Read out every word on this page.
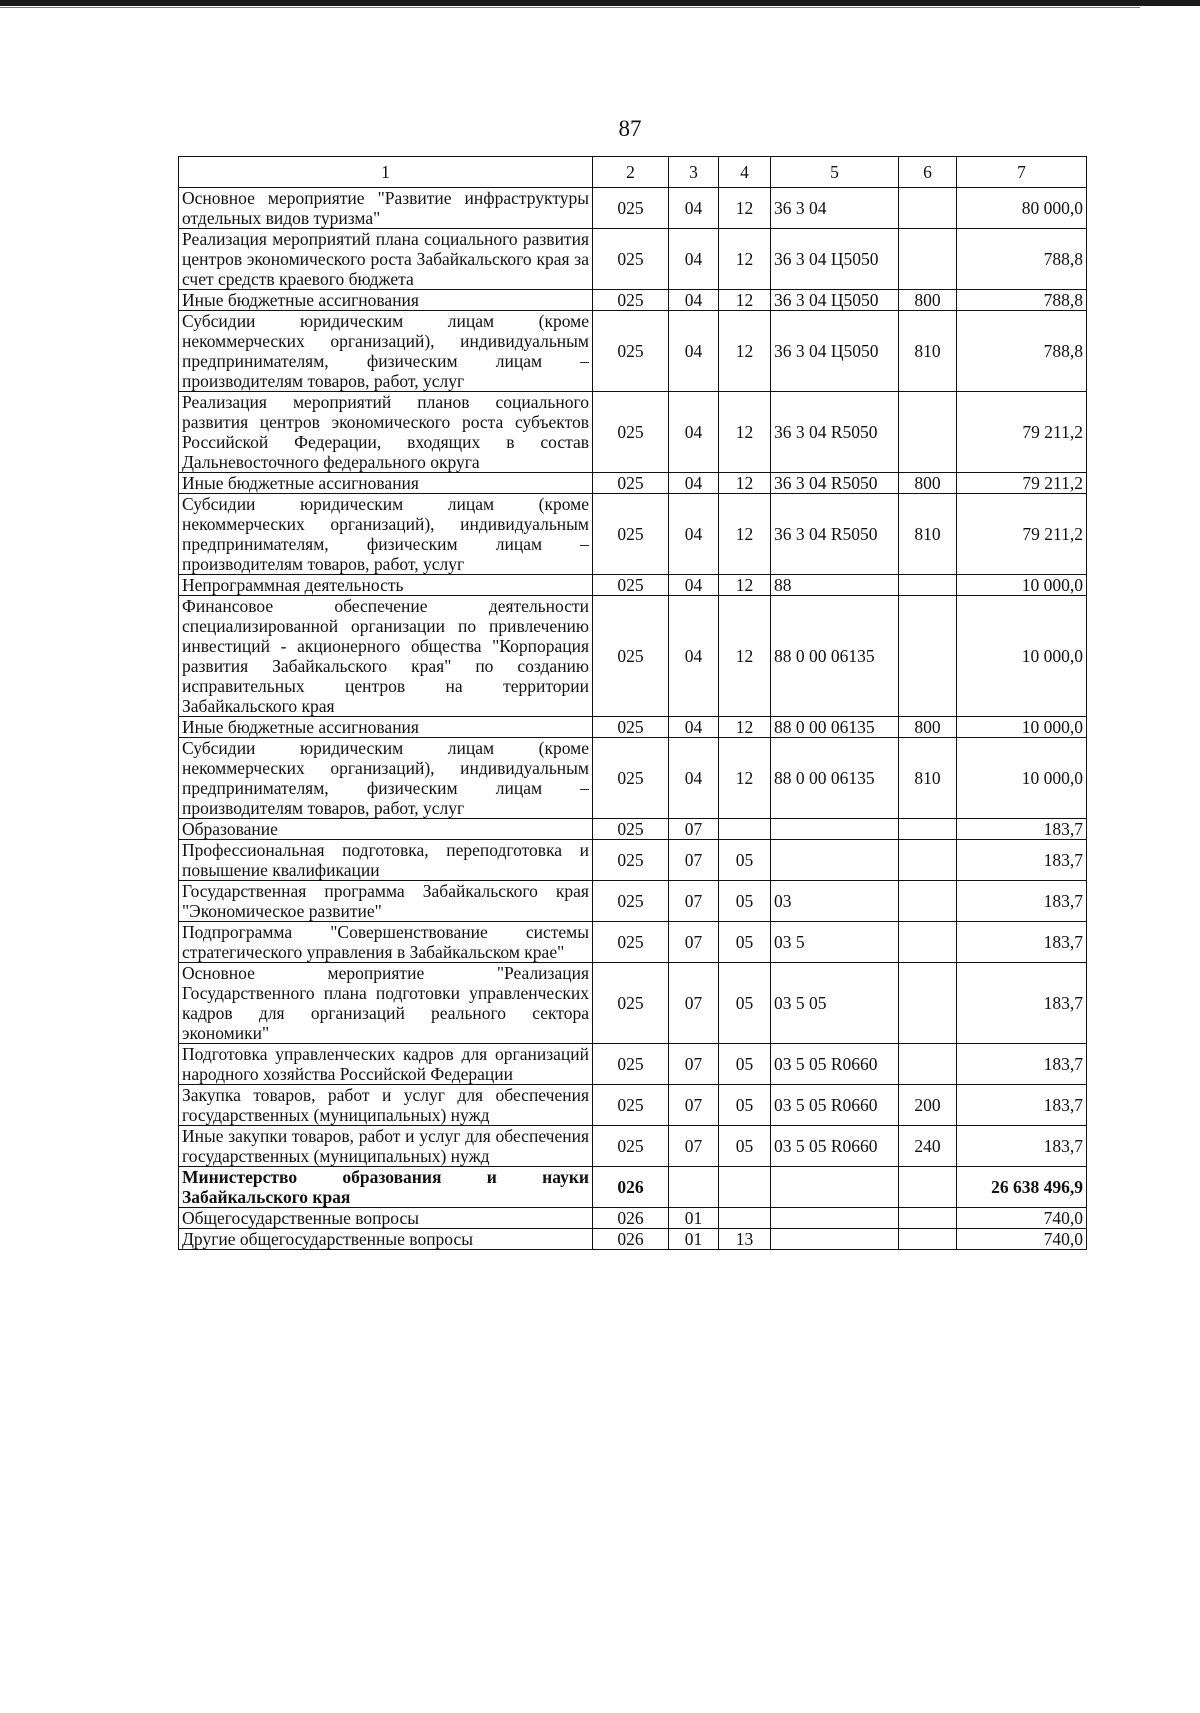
87
1	2	3	4	5	6	7
Основное мероприятие "Развитие инфраструктуры отдельных видов туризма"	025	04	12	36 3 04		80 000,0
Реализация мероприятий плана социального развития центров экономического роста Забайкальского края за счет средств краевого бюджета	025	04	12	36 3 04 Ц5050		788,8
Иные бюджетные ассигнования	025	04	12	36 3 04 Ц5050	800	788,8
Субсидии юридическим лицам (кроме некоммерческих организаций), индивидуальным предпринимателям, физическим лицам – производителям товаров, работ, услуг	025	04	12	36 3 04 Ц5050	810	788,8
Реализация мероприятий планов социального развития центров экономического роста субъектов Российской Федерации, входящих в состав Дальневосточного федерального округа	025	04	12	36 3 04 R5050		79 211,2
Иные бюджетные ассигнования	025	04	12	36 3 04 R5050	800	79 211,2
Субсидии юридическим лицам (кроме некоммерческих организаций), индивидуальным предпринимателям, физическим лицам – производителям товаров, работ, услуг	025	04	12	36 3 04 R5050	810	79 211,2
Непрограммная деятельность	025	04	12	88		10 000,0
Финансовое обеспечение деятельности специализированной организации по привлечению инвестиций - акционерного общества "Корпорация развития Забайкальского края" по созданию исправительных центров на территории Забайкальского края	025	04	12	88 0 00 06135		10 000,0
Иные бюджетные ассигнования	025	04	12	88 0 00 06135	800	10 000,0
Субсидии юридическим лицам (кроме некоммерческих организаций), индивидуальным предпринимателям, физическим лицам – производителям товаров, работ, услуг	025	04	12	88 0 00 06135	810	10 000,0
Образование	025	07				183,7
Профессиональная подготовка, переподготовка и повышение квалификации	025	07	05			183,7
Государственная программа Забайкальского края "Экономическое развитие"	025	07	05	03		183,7
Подпрограмма "Совершенствование системы стратегического управления в Забайкальском крае"	025	07	05	03 5		183,7
Основное мероприятие "Реализация Государственного плана подготовки управленческих кадров для организаций реального сектора экономики"	025	07	05	03 5 05		183,7
Подготовка управленческих кадров для организаций народного хозяйства Российской Федерации	025	07	05	03 5 05 R0660		183,7
Закупка товаров, работ и услуг для обеспечения государственных (муниципальных) нужд	025	07	05	03 5 05 R0660	200	183,7
Иные закупки товаров, работ и услуг для обеспечения государственных (муниципальных) нужд	025	07	05	03 5 05 R0660	240	183,7
Министерство образования и науки Забайкальского края	026					26 638 496,9
Общегосударственные вопросы	026	01				740,0
Другие общегосударственные вопросы	026	01	13			740,0
